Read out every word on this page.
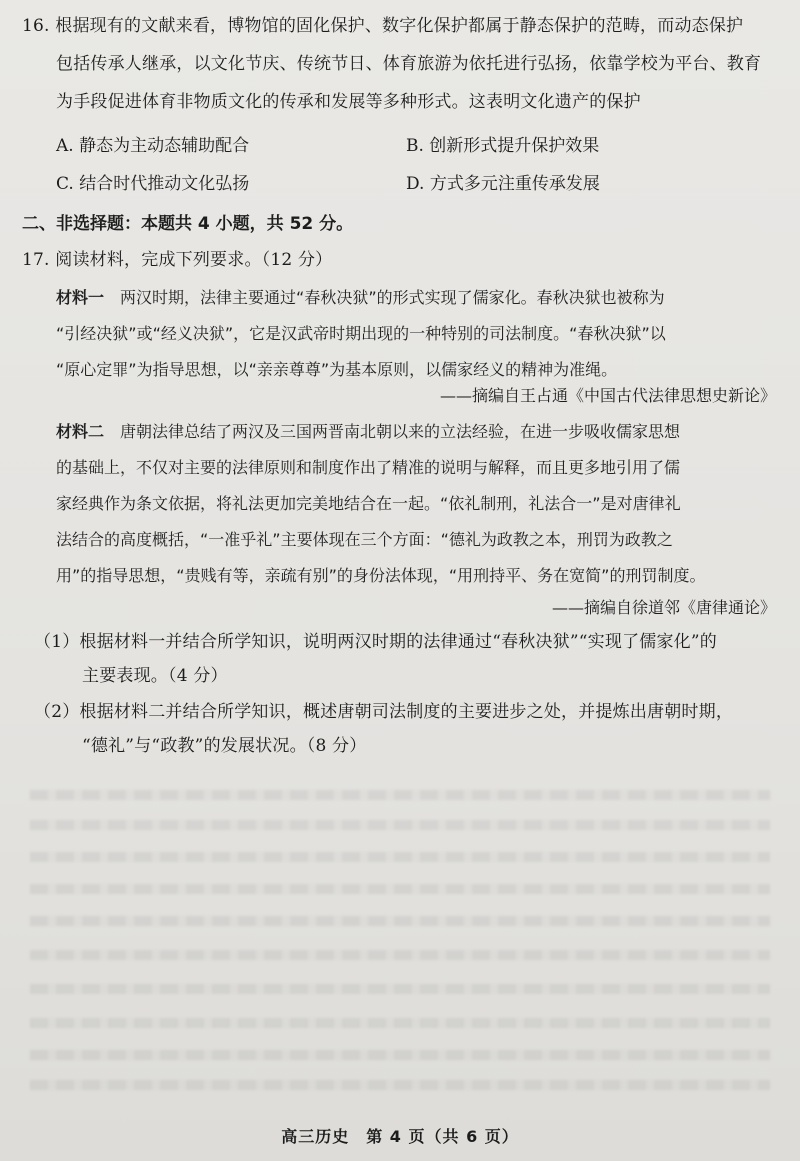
16. 根据现有的文献来看，博物馆的固化保护、数字化保护都属于静态保护的范畴，而动态保护
包括传承人继承，以文化节庆、传统节日、体育旅游为依托进行弘扬，依靠学校为平台、教育
为手段促进体育非物质文化的传承和发展等多种形式。这表明文化遗产的保护
A. 静态为主动态辅助配合	B. 创新形式提升保护效果
C. 结合时代推动文化弘扬	D. 方式多元注重传承发展
二、非选择题：本题共 4 小题，共 52 分。
17. 阅读材料，完成下列要求。（12 分）
材料一　 两汉时期，法律主要通过“春秋决狱”的形式实现了儒家化。春秋决狱也被称为
“引经决狱”或“经义决狱”，它是汉武帝时期出现的一种特别的司法制度。“春秋决狱”以
“原心定罪”为指导思想，以“亲亲尊尊”为基本原则，以儒家经义的精神为准绳。
——摘编自王占通《中国古代法律思想史新论》
材料二　 唐朝法律总结了两汉及三国两晋南北朝以来的立法经验，在进一步吸收儒家思想
的基础上，不仅对主要的法律原则和制度作出了精准的说明与解释，而且更多地引用了儒
家经典作为条文依据，将礼法更加完美地结合在一起。“依礼制刑，礼法合一”是对唐律礼
法结合的高度概括，“一准乎礼”主要体现在三个方面：“德礼为政教之本，刑罚为政教之
用”的指导思想，“贵贱有等，亲疏有别”的身份法体现，“用刑持平、务在宽简”的刑罚制度。
——摘编自徐道邻《唐律通论》
（1）根据材料一并结合所学知识，说明两汉时期的法律通过“春秋决狱”“实现了儒家化”的
主要表现。（4 分）
（2）根据材料二并结合所学知识，概述唐朝司法制度的主要进步之处，并提炼出唐朝时期，
“德礼”与“政教”的发展状况。（8 分）
高三历史　第 4 页（共 6 页）
